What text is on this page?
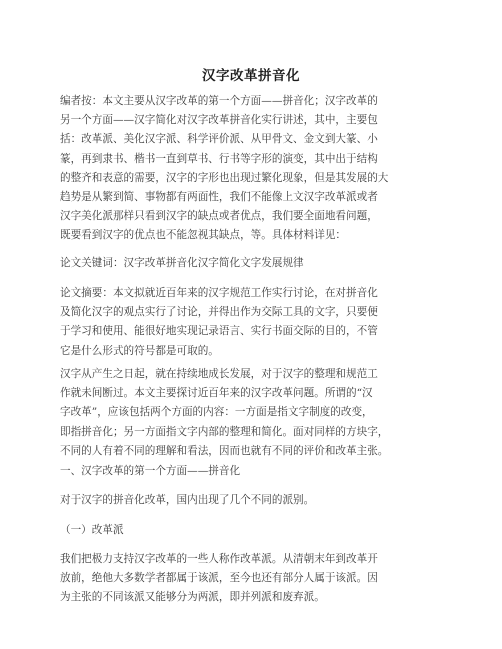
汉字改革拼音化
编者按：本文主要从汉字改革的第一个方面——拼音化；汉字改革的
另一个方面——汉字简化对汉字改革拼音化实行讲述，其中，主要包
括：改革派、美化汉字派、科学评价派、从甲骨文、金文到大篆、小
篆，再到隶书、楷书一直到草书、行书等字形的演变，其中出于结构
的整齐和表意的需要，汉字的字形也出现过繁化现象，但是其发展的大
趋势是从繁到简、事物都有两面性，我们不能像上文汉字改革派或者
汉字美化派那样只看到汉字的缺点或者优点，我们要全面地看问题，
既要看到汉字的优点也不能忽视其缺点，等。具体材料详见：
论文关键词：汉字改革拼音化汉字简化文字发展规律
论文摘要：本文拟就近百年来的汉字规范工作实行讨论，在对拼音化
及简化汉字的观点实行了讨论，并得出作为交际工具的文字，只要便
于学习和使用、能很好地实现记录语言、实行书面交际的目的，不管
它是什么形式的符号都是可取的。
汉字从产生之日起，就在持续地成长发展，对于汉字的整理和规范工
作就未间断过。本文主要探讨近百年来的汉字改革问题。所谓的“汉
字改革”，应该包括两个方面的内容：一方面是指文字制度的改变，
即指拼音化；另一方面指文字内部的整理和简化。面对同样的方块字，
不同的人有着不同的理解和看法，因而也就有不同的评价和改革主张。
一、汉字改革的第一个方面——拼音化
对于汉字的拼音化改革，国内出现了几个不同的派别。
（一）改革派
我们把极力支持汉字改革的一些人称作改革派。从清朝末年到改革开
放前，绝他大多数学者都属于该派，至今也还有部分人属于该派。因
为主张的不同该派又能够分为两派，即并列派和废弃派。
